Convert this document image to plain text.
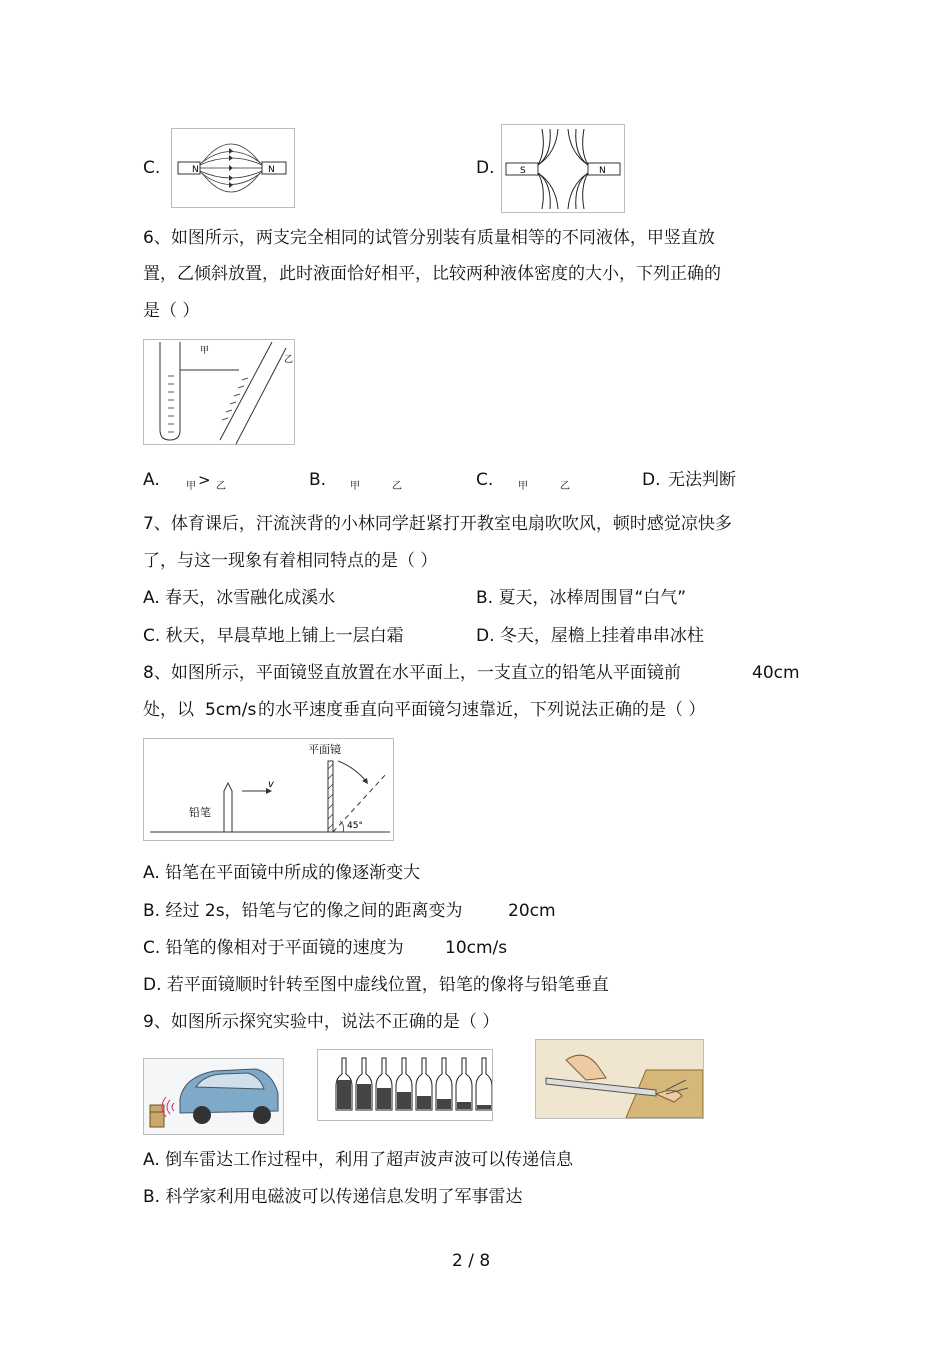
C.	N	N	D.	S	N
6、如图所示，两支完全相同的试管分别装有质量相等的不同液体，甲竖直放
置，乙倾斜放置，此时液面恰好相平，比较两种液体密度的大小，下列正确的
是（ ）
甲
乙
A.	甲 > 乙	B. 甲	乙	C. 甲	乙	D. 无法判断
7、体育课后，汗流浃背的小林同学赶紧打开教室电扇吹吹风，顿时感觉凉快多
了，与这一现象有着相同特点的是（ ）
A. 春天，冰雪融化成溪水	B. 夏天，冰棒周围冒“白气”
C. 秋天，早晨草地上铺上一层白霜	D. 冬天，屋檐上挂着串串冰柱
8、如图所示，平面镜竖直放置在水平面上，一支直立的铅笔从平面镜前	40cm
处，以 5cm/s 的水平速度垂直向平面镜匀速靠近，下列说法正确的是（ ）
平面镜
铅笔
v
45°
A. 铅笔在平面镜中所成的像逐渐变大
B. 经过 2s，铅笔与它的像之间的距离变为	20cm
C. 铅笔的像相对于平面镜的速度为 10cm/s
D. 若平面镜顺时针转至图中虚线位置，铅笔的像将与铅笔垂直
9、如图所示探究实验中，说法不正确的是（ ）
A. 倒车雷达工作过程中，利用了超声波声波可以传递信息
B. 科学家利用电磁波可以传递信息发明了军事雷达
2 / 8
